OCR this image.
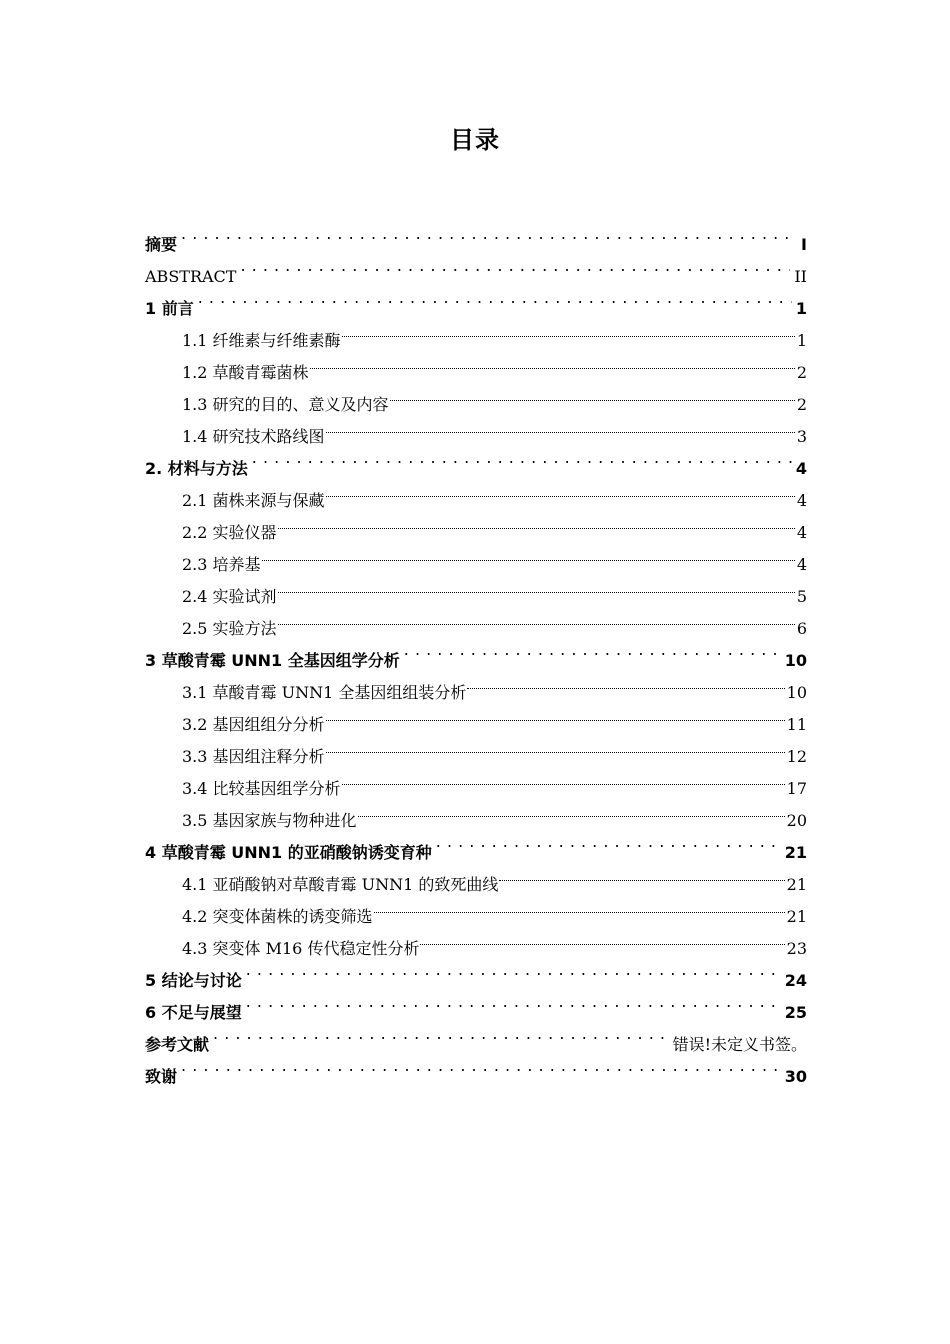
目录
摘要 . . .	I
ABSTRACT . . .	II
1 前言 . . .	1
1.1 纤维素与纤维素酶	1
1.2 草酸青霉菌株	2
1.3 研究的目的、意义及内容	2
1.4 研究技术路线图	3
2. 材料与方法 . . .	4
2.1 菌株来源与保藏	4
2.2 实验仪器	4
2.3 培养基	4
2.4 实验试剂	5
2.5 实验方法	6
3 草酸青霉 UNN1 全基因组学分析 . . .	10
3.1 草酸青霉 UNN1 全基因组组装分析	10
3.2 基因组组分分析	11
3.3 基因组注释分析	12
3.4 比较基因组学分析	17
3.5 基因家族与物种进化	20
4 草酸青霉 UNN1 的亚硝酸钠诱变育种 . . .	21
4.1 亚硝酸钠对草酸青霉 UNN1 的致死曲线	21
4.2 突变体菌株的诱变筛选	21
4.3 突变体 M16 传代稳定性分析	23
5 结论与讨论 . . .	24
6 不足与展望 . . .	25
参考文献 . . .	错误!未定义书签。
致谢 . . .	30
